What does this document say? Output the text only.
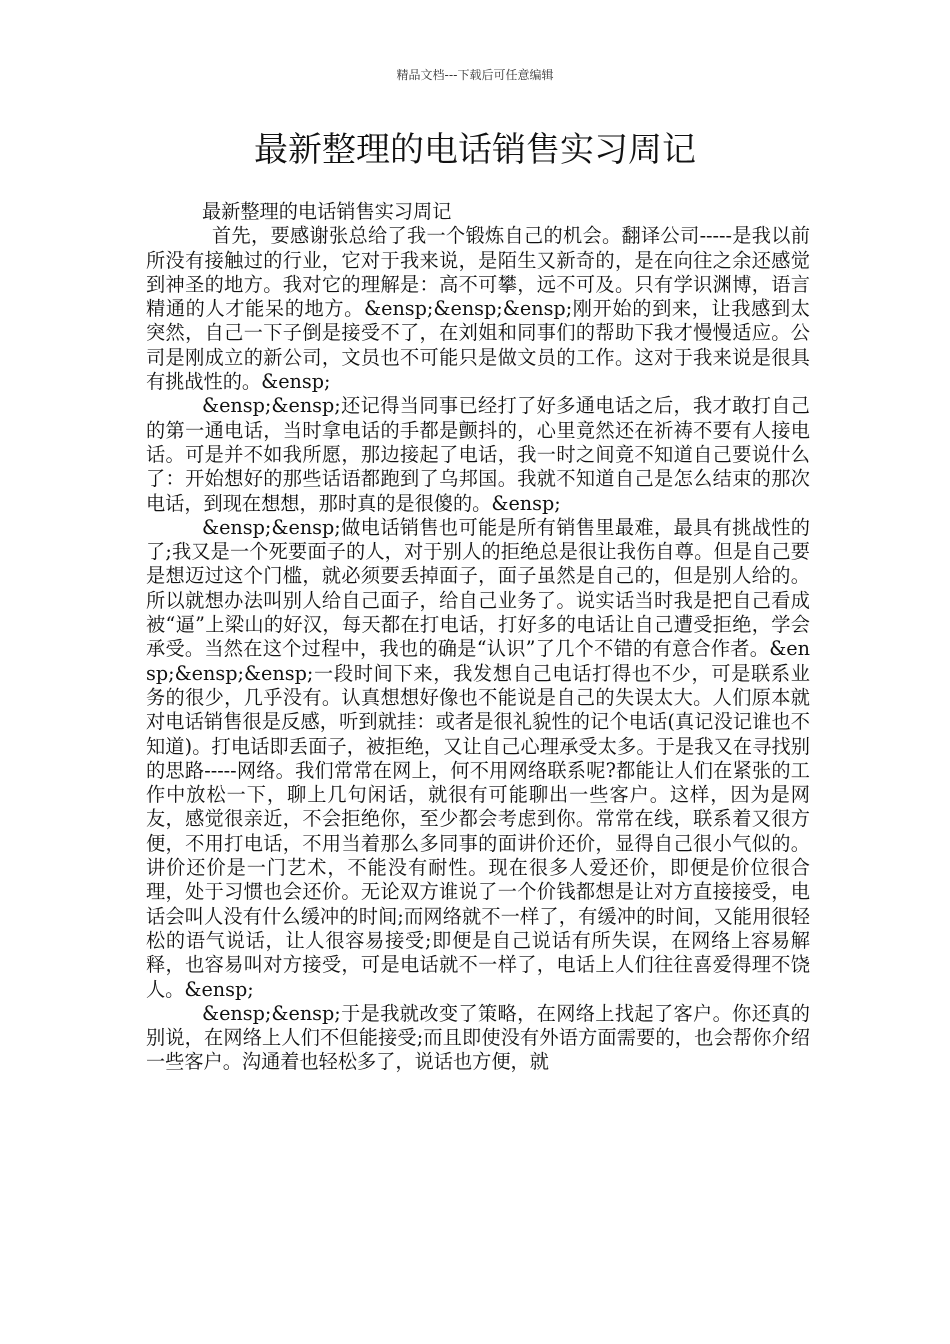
精品文档---下载后可任意编辑
最新整理的电话销售实习周记

最新整理的电话销售实习周记

首先，要感谢张总给了我一个锻炼自己的机会。翻译公司-----是我以前所没有接触过的行业，它对于我来说，是陌生又新奇的，是在向往之余还感觉到神圣的地方。我对它的理解是：高不可攀，远不可及。只有学识渊博，语言精通的人才能呆的地方。&ensp;&ensp;&ensp;刚开始的到来，让我感到太突然，自己一下子倒是接受不了，在刘姐和同事们的帮助下我才慢慢适应。公司是刚成立的新公司，文员也不可能只是做文员的工作。这对于我来说是很具有挑战性的。&ensp;

&ensp;&ensp;还记得当同事已经打了好多通电话之后，我才敢打自己的第一通电话，当时拿电话的手都是颤抖的，心里竟然还在祈祷不要有人接电话。可是并不如我所愿，那边接起了电话，我一时之间竟不知道自己要说什么了：开始想好的那些话语都跑到了乌邦国。我就不知道自己是怎么结束的那次电话，到现在想想，那时真的是很傻的。&ensp;

&ensp;&ensp;做电话销售也可能是所有销售里最难，最具有挑战性的了;我又是一个死要面子的人，对于别人的拒绝总是很让我伤自尊。但是自己要是想迈过这个门槛，就必须要丢掉面子，面子虽然是自己的，但是别人给的。所以就想办法叫别人给自己面子，给自己业务了。说实话当时我是把自己看成被“逼”上梁山的好汉，每天都在打电话，打好多的电话让自己遭受拒绝，学会承受。当然在这个过程中，我也的确是“认识”了几个不错的有意合作者。&ensp;&ensp;&ensp;一段时间下来，我发想自己电话打得也不少，可是联系业务的很少，几乎没有。认真想想好像也不能说是自己的失误太大。人们原本就对电话销售很是反感，听到就挂：或者是很礼貌性的记个电话(真记没记谁也不知道)。打电话即丢面子，被拒绝，又让自己心理承受太多。于是我又在寻找别的思路-----网络。我们常常在网上，何不用网络联系呢?都能让人们在紧张的工作中放松一下，聊上几句闲话，就很有可能聊出一些客户。这样，因为是网友，感觉很亲近，不会拒绝你，至少都会考虑到你。常常在线，联系着又很方便，不用打电话，不用当着那么多同事的面讲价还价，显得自己很小气似的。讲价还价是一门艺术，不能没有耐性。现在很多人爱还价，即便是价位很合理，处于习惯也会还价。无论双方谁说了一个价钱都想是让对方直接接受，电话会叫人没有什么缓冲的时间;而网络就不一样了，有缓冲的时间，又能用很轻松的语气说话，让人很容易接受;即便是自己说话有所失误，在网络上容易解释，也容易叫对方接受，可是电话就不一样了，电话上人们往往喜爱得理不饶人。&ensp;

&ensp;&ensp;于是我就改变了策略，在网络上找起了客户。你还真的别说，在网络上人们不但能接受;而且即使没有外语方面需要的，也会帮你介绍一些客户。沟通着也轻松多了，说话也方便，就
